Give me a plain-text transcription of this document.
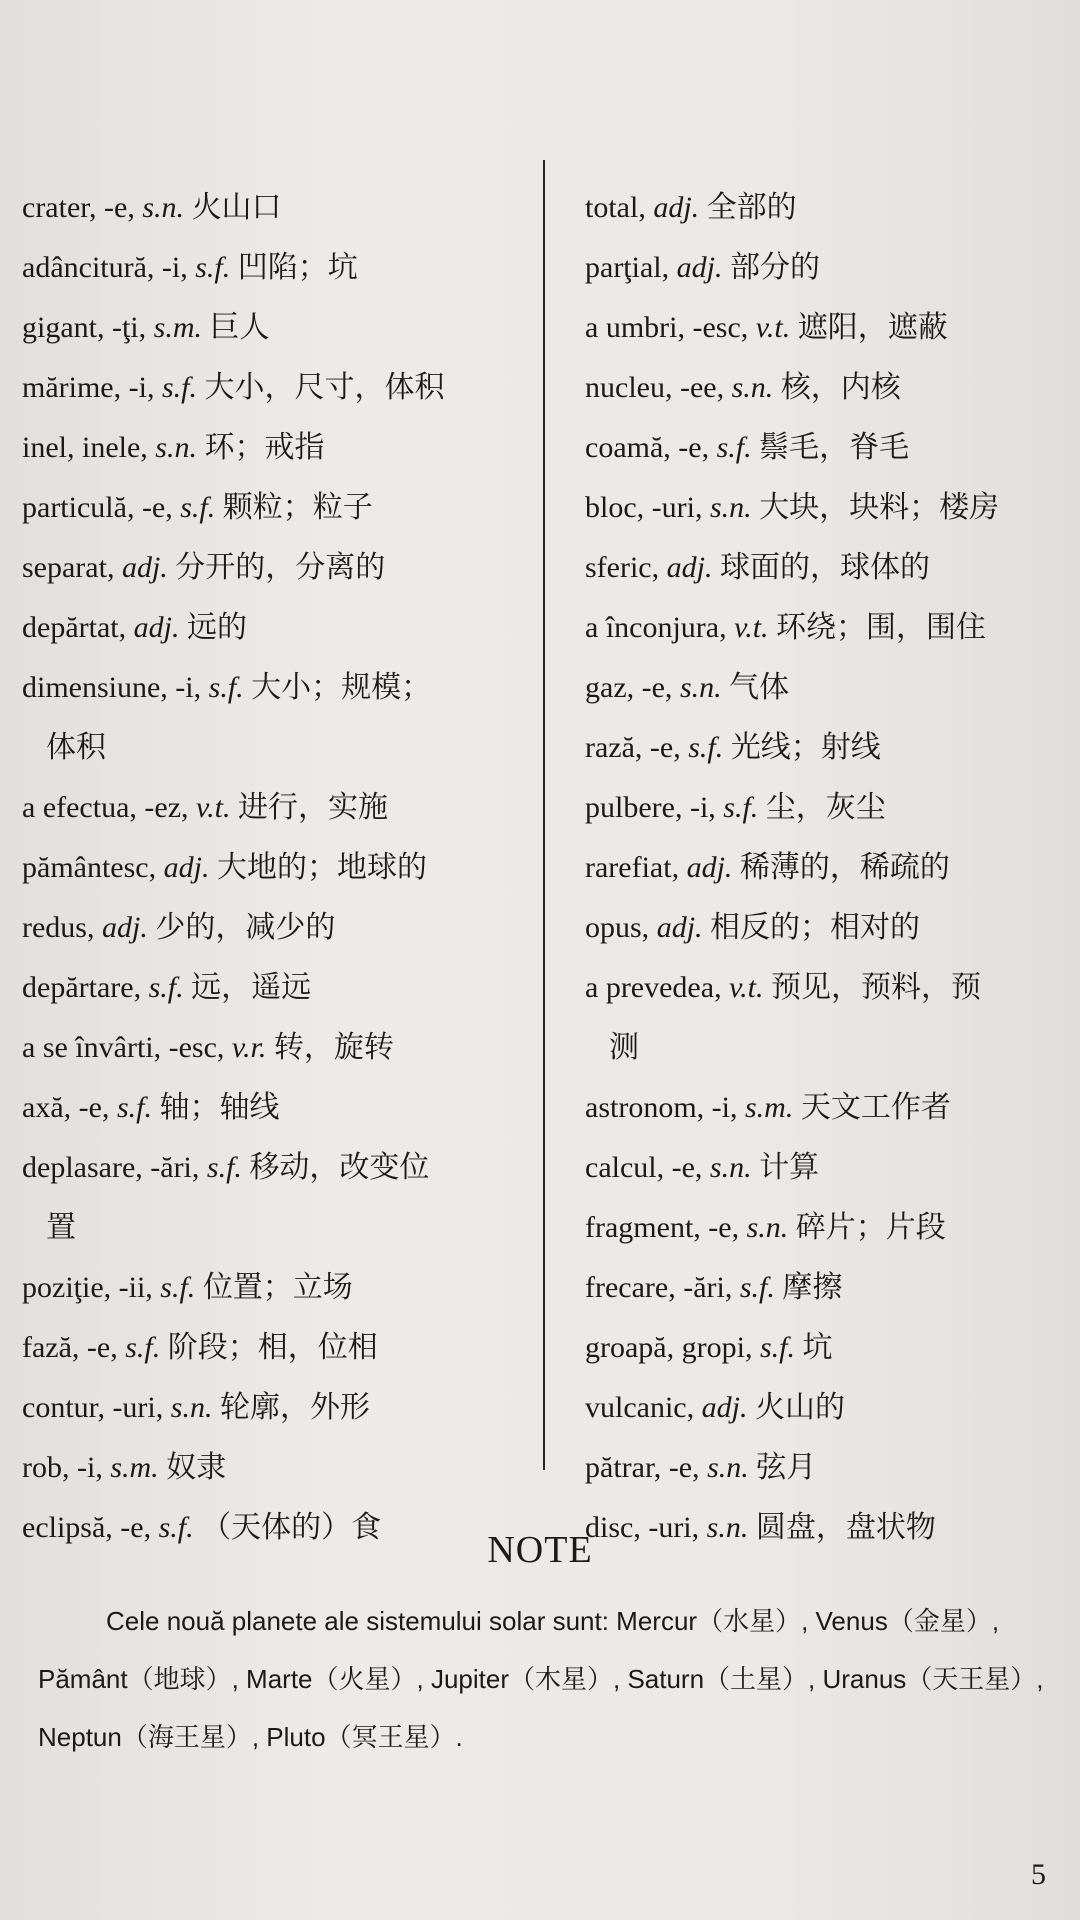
crater, -e, s.n. 火山口
adâncitură, -i, s.f. 凹陷；坑
gigant, -ţi, s.m. 巨人
mărime, -i, s.f. 大小，尺寸，体积
inel, inele, s.n. 环；戒指
particulă, -e, s.f. 颗粒；粒子
separat, adj. 分开的，分离的
depărtat, adj. 远的
dimensiune, -i, s.f. 大小；规模；
体积
a efectua, -ez, v.t. 进行，实施
pământesc, adj. 大地的；地球的
redus, adj. 少的，减少的
depărtare, s.f. 远，遥远
a se învârti, -esc, v.r. 转，旋转
axă, -e, s.f. 轴；轴线
deplasare, -ări, s.f. 移动，改变位
置
poziţie, -ii, s.f. 位置；立场
fază, -e, s.f. 阶段；相，位相
contur, -uri, s.n. 轮廓，外形
rob, -i, s.m. 奴隶
eclipsă, -e, s.f. （天体的）食
total, adj. 全部的
parţial, adj. 部分的
a umbri, -esc, v.t. 遮阳，遮蔽
nucleu, -ee, s.n. 核，内核
coamă, -e, s.f. 鬃毛，脊毛
bloc, -uri, s.n. 大块，块料；楼房
sferic, adj. 球面的，球体的
a înconjura, v.t. 环绕；围，围住
gaz, -e, s.n. 气体
rază, -e, s.f. 光线；射线
pulbere, -i, s.f. 尘，灰尘
rarefiat, adj. 稀薄的，稀疏的
opus, adj. 相反的；相对的
a prevedea, v.t. 预见，预料，预
测
astronom, -i, s.m. 天文工作者
calcul, -e, s.n. 计算
fragment, -e, s.n. 碎片；片段
frecare, -ări, s.f. 摩擦
groapă, gropi, s.f. 坑
vulcanic, adj. 火山的
pătrar, -e, s.n. 弦月
disc, -uri, s.n. 圆盘，盘状物
NOTE
Cele nouă planete ale sistemului solar sunt: Mercur（水星）, Venus（金星）, Pământ（地球）, Marte（火星）, Jupiter（木星）, Saturn（土星）, Uranus（天王星）, Neptun（海王星）, Pluto（冥王星）.
5
